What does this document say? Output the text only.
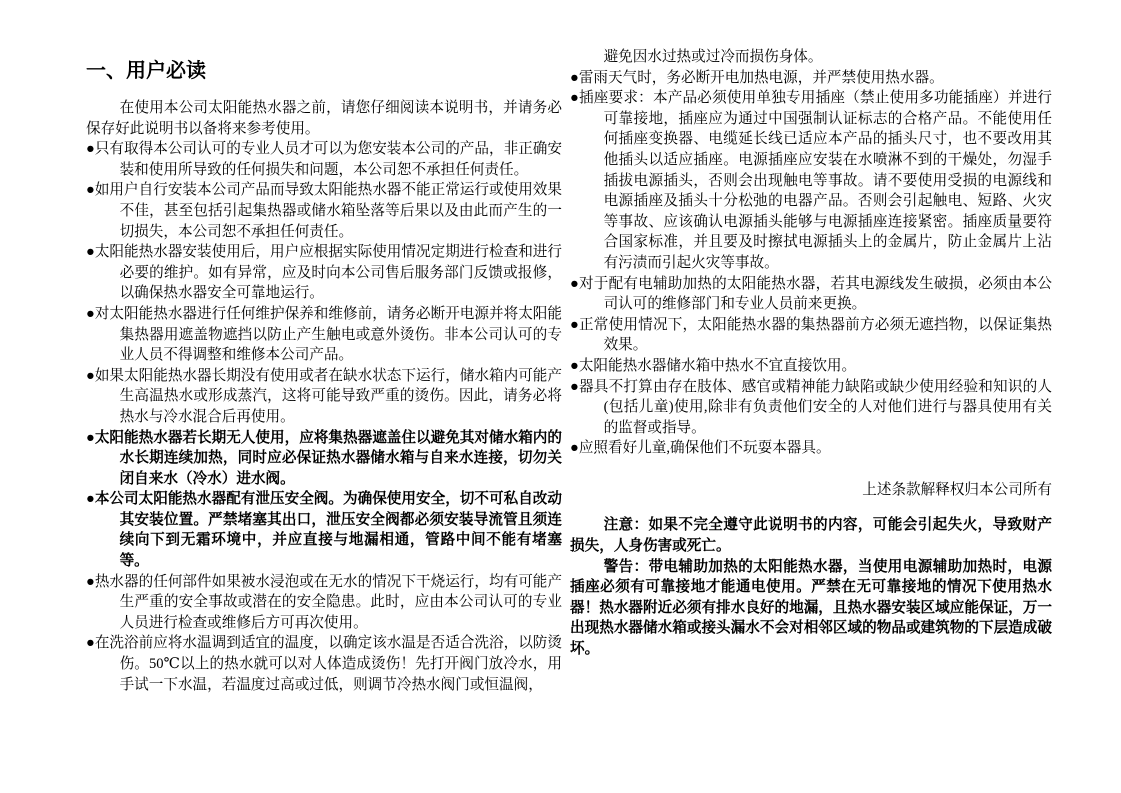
一、用户必读

在使用本公司太阳能热水器之前，请您仔细阅读本说明书，并请务必保存好此说明书以备将来参考使用。

●只有取得本公司认可的专业人员才可以为您安装本公司的产品，非正确安装和使用所导致的任何损失和问题，本公司恕不承担任何责任。

●如用户自行安装本公司产品而导致太阳能热水器不能正常运行或使用效果不佳，甚至包括引起集热器或储水箱坠落等后果以及由此而产生的一切损失，本公司恕不承担任何责任。

●太阳能热水器安装使用后，用户应根据实际使用情况定期进行检查和进行必要的维护。如有异常，应及时向本公司售后服务部门反馈或报修，以确保热水器安全可靠地运行。

●对太阳能热水器进行任何维护保养和维修前，请务必断开电源并将太阳能集热器用遮盖物遮挡以防止产生触电或意外烫伤。非本公司认可的专业人员不得调整和维修本公司产品。

●如果太阳能热水器长期没有使用或者在缺水状态下运行，储水箱内可能产生高温热水或形成蒸汽，这将可能导致严重的烫伤。因此，请务必将热水与冷水混合后再使用。

●太阳能热水器若长期无人使用，应将集热器遮盖住以避免其对储水箱内的水长期连续加热，同时应必保证热水器储水箱与自来水连接，切勿关闭自来水（冷水）进水阀。

●本公司太阳能热水器配有泄压安全阀。为确保使用安全，切不可私自改动其安装位置。严禁堵塞其出口，泄压安全阀都必须安装导流管且须连续向下到无霜环境中，并应直接与地漏相通，管路中间不能有堵塞等。

●热水器的任何部件如果被水浸泡或在无水的情况下干烧运行，均有可能产生严重的安全事故或潜在的安全隐患。此时，应由本公司认可的专业人员进行检查或维修后方可再次使用。

●在洗浴前应将水温调到适宜的温度，以确定该水温是否适合洗浴，以防烫伤。50℃以上的热水就可以对人体造成烫伤！先打开阀门放冷水，用手试一下水温，若温度过高或过低，则调节冷热水阀门或恒温阀，

避免因水过热或过冷而损伤身体。

●雷雨天气时，务必断开电加热电源，并严禁使用热水器。

●插座要求：本产品必须使用单独专用插座（禁止使用多功能插座）并进行可靠接地，插座应为通过中国强制认证标志的合格产品。不能使用任何插座变换器、电缆延长线已适应本产品的插头尺寸，也不要改用其他插头以适应插座。电源插座应安装在水喷淋不到的干燥处，勿湿手插拔电源插头，否则会出现触电等事故。请不要使用受损的电源线和电源插座及插头十分松弛的电器产品。否则会引起触电、短路、火灾等事故、应该确认电源插头能够与电源插座连接紧密。插座质量要符合国家标准，并且要及时擦拭电源插头上的金属片，防止金属片上沾有污渍而引起火灾等事故。

●对于配有电辅助加热的太阳能热水器，若其电源线发生破损，必须由本公司认可的维修部门和专业人员前来更换。

●正常使用情况下，太阳能热水器的集热器前方必须无遮挡物，以保证集热效果。

●太阳能热水器储水箱中热水不宜直接饮用。

●器具不打算由存在肢体、感官或精神能力缺陷或缺少使用经验和知识的人(包括儿童)使用,除非有负责他们安全的人对他们进行与器具使用有关的监督或指导。

●应照看好儿童,确保他们不玩耍本器具。

上述条款解释权归本公司所有

注意：如果不完全遵守此说明书的内容，可能会引起失火，导致财产损失，人身伤害或死亡。

警告：带电辅助加热的太阳能热水器，当使用电源辅助加热时，电源插座必须有可靠接地才能通电使用。严禁在无可靠接地的情况下使用热水器！热水器附近必须有排水良好的地漏，且热水器安装区域应能保证，万一出现热水器储水箱或接头漏水不会对相邻区域的物品或建筑物的下层造成破坏。
